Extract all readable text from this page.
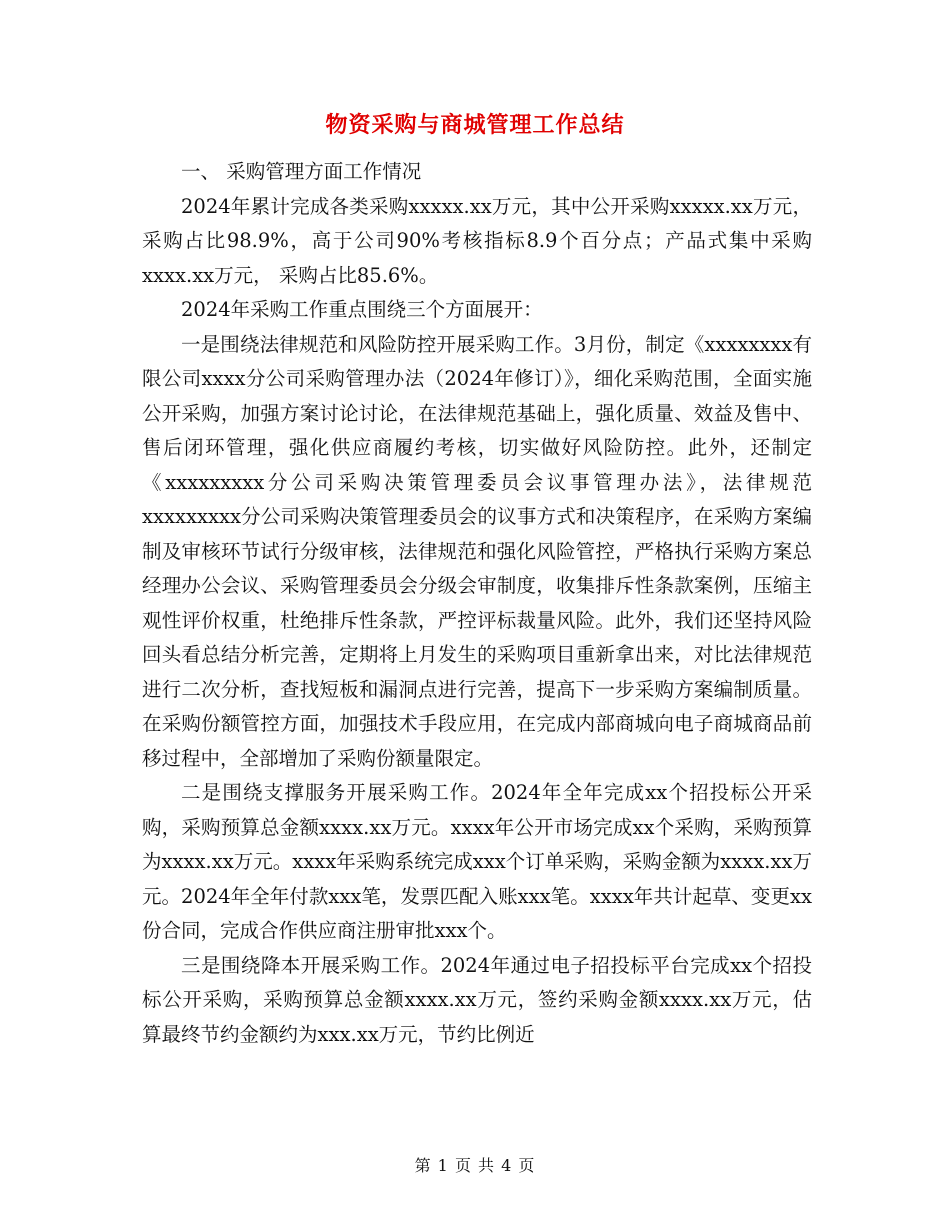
物资采购与商城管理工作总结

一、 采购管理方面工作情况

2024年累计完成各类采购xxxxx.xx万元，其中公开采购xxxxx.xx万元，采购占比98.9%，高于公司90%考核指标8.9个百分点；产品式集中采购xxxx.xx万元， 采购占比85.6%。

2024年采购工作重点围绕三个方面展开：

一是围绕法律规范和风险防控开展采购工作。3月份，制定《xxxxxxxx有限公司xxxx分公司采购管理办法（2024年修订）》，细化采购范围，全面实施公开采购，加强方案讨论讨论，在法律规范基础上，强化质量、效益及售中、售后闭环管理，强化供应商履约考核，切实做好风险防控。此外，还制定《xxxxxxxxx分公司采购决策管理委员会议事管理办法》，法律规范xxxxxxxxx分公司采购决策管理委员会的议事方式和决策程序，在采购方案编制及审核环节试行分级审核，法律规范和强化风险管控，严格执行采购方案总经理办公会议、采购管理委员会分级会审制度，收集排斥性条款案例，压缩主观性评价权重，杜绝排斥性条款，严控评标裁量风险。此外，我们还坚持风险回头看总结分析完善，定期将上月发生的采购项目重新拿出来，对比法律规范进行二次分析，查找短板和漏洞点进行完善，提高下一步采购方案编制质量。在采购份额管控方面，加强技术手段应用，在完成内部商城向电子商城商品前移过程中，全部增加了采购份额量限定。

二是围绕支撑服务开展采购工作。2024年全年完成xx个招投标公开采购，采购预算总金额xxxx.xx万元。xxxx年公开市场完成xx个采购，采购预算为xxxx.xx万元。xxxx年采购系统完成xxx个订单采购，采购金额为xxxx.xx万元。2024年全年付款xxx笔，发票匹配入账xxx笔。xxxx年共计起草、变更xx份合同，完成合作供应商注册审批xxx个。

三是围绕降本开展采购工作。2024年通过电子招投标平台完成xx个招投标公开采购，采购预算总金额xxxx.xx万元，签约采购金额xxxx.xx万元，估算最终节约金额约为xxx.xx万元，节约比例近

第 1 页 共 4 页
